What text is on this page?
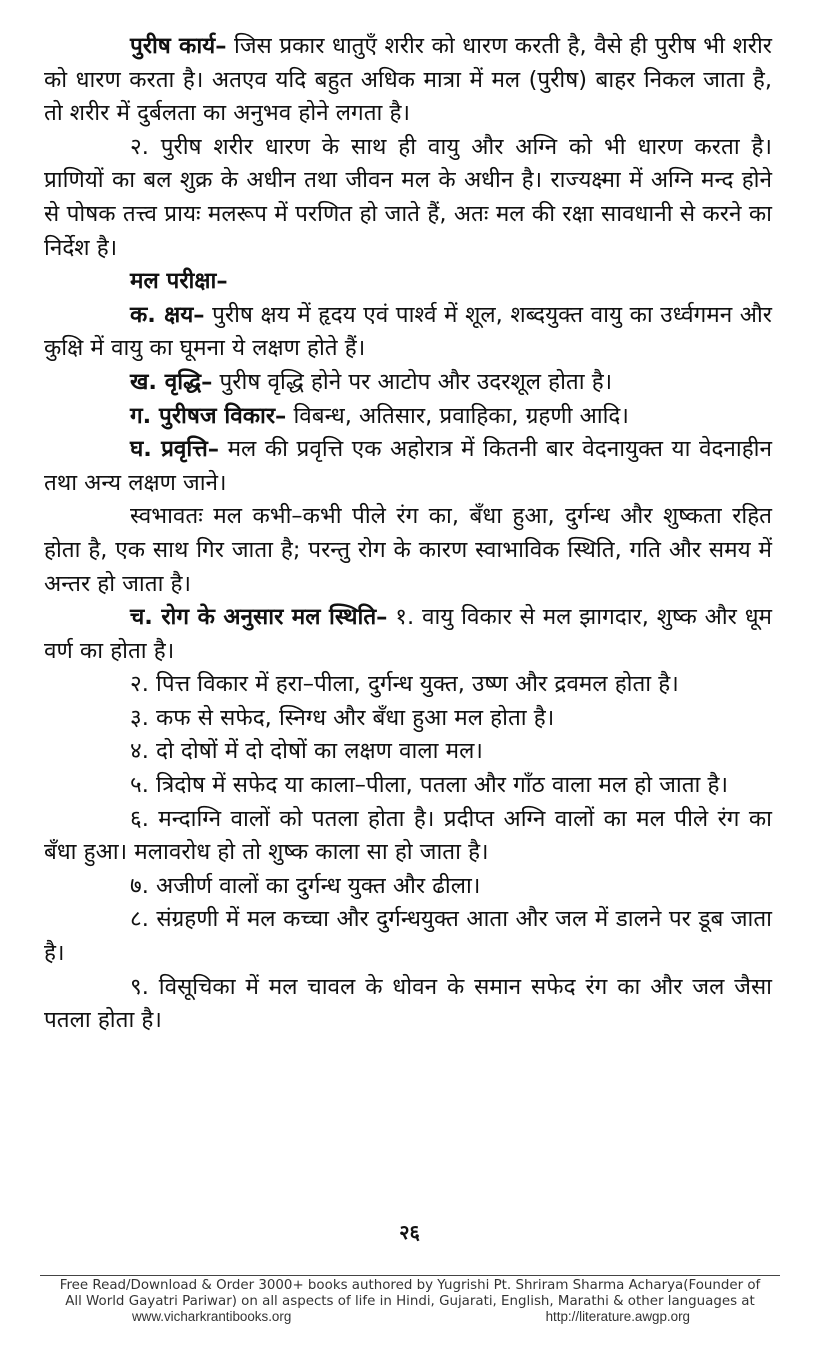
पुरीष कार्य– जिस प्रकार धातुएँ शरीर को धारण करती है, वैसे ही पुरीष भी शरीर को धारण करता है। अतएव यदि बहुत अधिक मात्रा में मल (पुरीष) बाहर निकल जाता है, तो शरीर में दुर्बलता का अनुभव होने लगता है।

२. पुरीष शरीर धारण के साथ ही वायु और अग्नि को भी धारण करता है। प्राणियों का बल शुक्र के अधीन तथा जीवन मल के अधीन है। राज्यक्ष्मा में अग्नि मन्द होने से पोषक तत्त्व प्रायः मलरूप में परणित हो जाते हैं, अतः मल की रक्षा सावधानी से करने का निर्देश है।

मल परीक्षा–

क. क्षय– पुरीष क्षय में हृदय एवं पार्श्व में शूल, शब्दयुक्त वायु का उर्ध्वगमन और कुक्षि में वायु का घूमना ये लक्षण होते हैं।

ख. वृद्धि– पुरीष वृद्धि होने पर आटोप और उदरशूल होता है।

ग. पुरीषज विकार– विबन्ध, अतिसार, प्रवाहिका, ग्रहणी आदि।

घ. प्रवृत्ति– मल की प्रवृत्ति एक अहोरात्र में कितनी बार वेदनायुक्त या वेदनाहीन तथा अन्य लक्षण जाने।

स्वभावतः मल कभी–कभी पीले रंग का, बँधा हुआ, दुर्गन्ध और शुष्कता रहित होता है, एक साथ गिर जाता है; परन्तु रोग के कारण स्वाभाविक स्थिति, गति और समय में अन्तर हो जाता है।

च. रोग के अनुसार मल स्थिति– १. वायु विकार से मल झागदार, शुष्क और धूम वर्ण का होता है।

२. पित्त विकार में हरा–पीला, दुर्गन्ध युक्त, उष्ण और द्रवमल होता है।

३. कफ से सफेद, स्निग्ध और बँधा हुआ मल होता है।

४. दो दोषों में दो दोषों का लक्षण वाला मल।

५. त्रिदोष में सफेद या काला–पीला, पतला और गाँठ वाला मल हो जाता है।

६. मन्दाग्नि वालों को पतला होता है। प्रदीप्त अग्नि वालों का मल पीले रंग का बँधा हुआ। मलावरोध हो तो शुष्क काला सा हो जाता है।

७. अजीर्ण वालों का दुर्गन्ध युक्त और ढीला।

८. संग्रहणी में मल कच्चा और दुर्गन्धयुक्त आता और जल में डालने पर डूब जाता है।

९. विसूचिका में मल चावल के धोवन के समान सफेद रंग का और जल जैसा पतला होता है।

२६
Free Read/Download & Order 3000+ books authored by Yugrishi Pt. Shriram Sharma Acharya(Founder of
All World Gayatri Pariwar) on all aspects of life in Hindi, Gujarati, English, Marathi & other languages at
www.vicharkrantibooks.org	http://literature.awgp.org
